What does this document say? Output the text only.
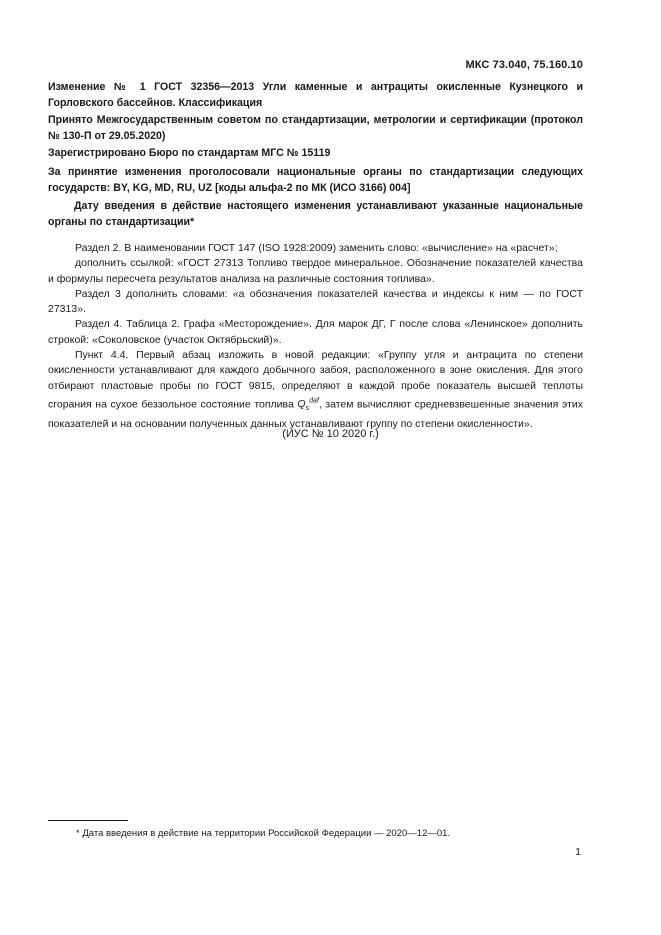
МКС 73.040, 75.160.10
Изменение № 1 ГОСТ 32356—2013 Угли каменные и антрациты окисленные Кузнецкого и Горловского бассейнов. Классификация
Принято Межгосударственным советом по стандартизации, метрологии и сертификации (протокол № 130-П от 29.05.2020)
Зарегистрировано Бюро по стандартам МГС № 15119
За принятие изменения проголосовали национальные органы по стандартизации следующих государств: BY, KG, MD, RU, UZ [коды альфа-2 по МК (ИСО 3166) 004]
Дату введения в действие настоящего изменения устанавливают указанные национальные органы по стандартизации*

Раздел 2. В наименовании ГОСТ 147 (ISO 1928:2009) заменить слово: «вычисление» на «расчет»;

дополнить ссылкой: «ГОСТ 27313 Топливо твердое минеральное. Обозначение показателей качества и формулы пересчета результатов анализа на различные состояния топлива».

Раздел 3 дополнить словами: «а обозначения показателей качества и индексы к ним — по ГОСТ 27313».

Раздел 4. Таблица 2. Графа «Месторождение». Для марок ДГ, Г после слова «Ленинское» дополнить строкой: «Соколовское (участок Октябрьский)».

Пункт 4.4. Первый абзац изложить в новой редакции: «Группу угля и антрацита по степени окисленности устанавливают для каждого добычного забоя, расположенного в зоне окисления. Для этого отбирают пластовые пробы по ГОСТ 9815, определяют в каждой пробе показатель высшей теплоты сгорания на сухое беззольное состояние топлива $Q_s^{daf}$, затем вычисляют средневзвешенные значения этих показателей и на основании полученных данных устанавливают группу по степени окисленности».

(ИУС № 10 2020 г.)
* Дата введения в действие на территории Российской Федерации — 2020—12—01.
1
